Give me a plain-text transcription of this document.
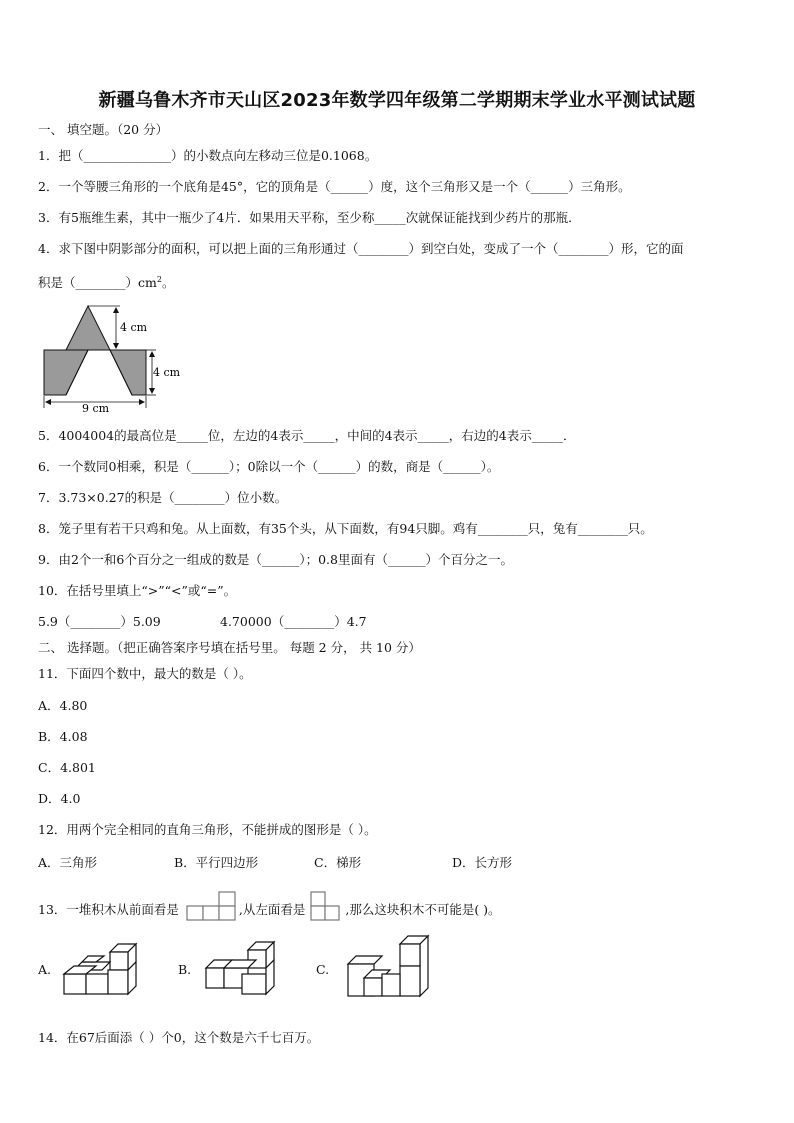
新疆乌鲁木齐市天山区2023年数学四年级第二学期期末学业水平测试试题
一、 填空题。（20 分）
1．把（______________）的小数点向左移动三位是0.1068。
2．一个等腰三角形的一个底角是45°，它的顶角是（______）度，这个三角形又是一个（______）三角形。
3．有5瓶维生素，其中一瓶少了4片．如果用天平称，至少称_____次就保证能找到少药片的那瓶．
4．求下图中阴影部分的面积，可以把上面的三角形通过（________）到空白处，变成了一个（________）形，它的面
积是$(\_\_\_\_\_\_\_\_)cm^2$。
4 cm
4 cm
9 cm
5．4004004的最高位是_____位，左边的4表示_____，中间的4表示_____，右边的4表示_____．
6．一个数同0相乘，积是（______）；0除以一个（______）的数，商是（______）。
7．3.73×0.27的积是（________）位小数。
8．笼子里有若干只鸡和兔。从上面数，有35个头，从下面数，有94只脚。鸡有________只，兔有________只。
9．由2个一和6个百分之一组成的数是（______）；0.8里面有（______）个百分之一。
10．在括号里填上“>”“<”或“=”。
5.9（________）5.09	4.70000（________）4.7
二、 选择题。（把正确答案序号填在括号里。 每题 2 分， 共 10 分）
11．下面四个数中，最大的数是（ ）。
A．4.80
B．4.08
C．4.801
D．4.0
12．用两个完全相同的直角三角形，不能拼成的图形是（ ）。
A．三角形	B．平行四边形	C．梯形	D．长方形
13．一堆积木从前面看是	,从左面看是	,那么这块积木不可能是( )。
A.	B.	C.
14．在67后面添（ ）个0，这个数是六千七百万。
